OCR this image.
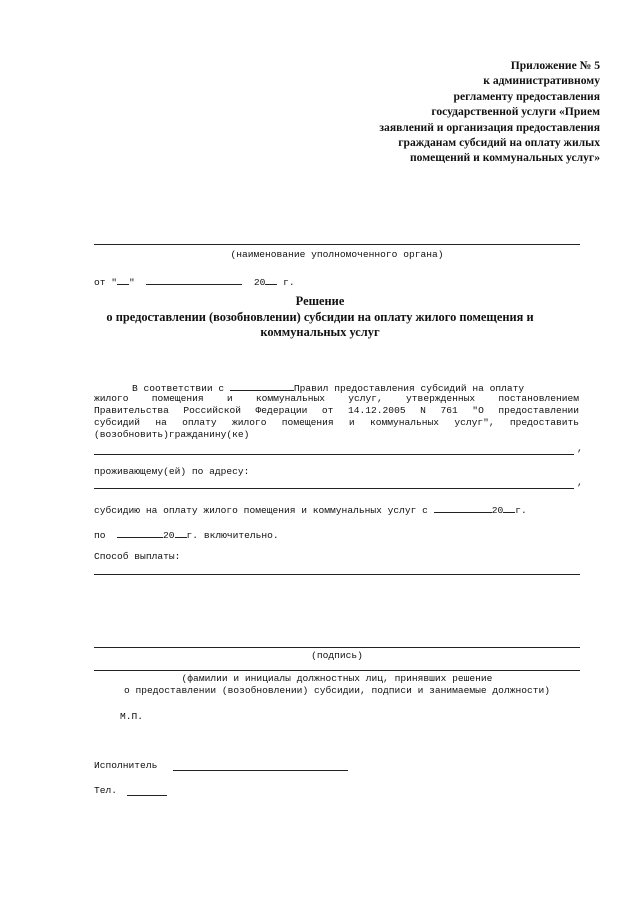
Приложение № 5
к административному
регламенту предоставления
государственной услуги «Прием
заявлений и организация предоставления
гражданам субсидий на оплату жилых
помещений и коммунальных услуг»
(наименование уполномоченного органа)
от " "	20 г.
Решение
о предоставлении (возобновлении) субсидии на оплату жилого помещения и
коммунальных услуг
В соответствии с	Правил предоставления субсидий на оплату
жилого помещения и коммунальных услуг, утвержденных постановлением
Правительства Российской Федерации от 14.12.2005 N 761 "О предоставлении
субсидий на оплату жилого помещения и коммунальных услуг", предоставить
(возобновить)гражданину(ке)
,
проживающему(ей) по адресу:
,
субсидию на оплату жилого помещения и коммунальных услуг с	20 г.
по	20 г. включительно.
Способ выплаты:
(подпись)
(фамилии и инициалы должностных лиц, принявших решение
о предоставлении (возобновлении) субсидии, подписи и занимаемые должности)
М.П.
Исполнитель
Тел.
